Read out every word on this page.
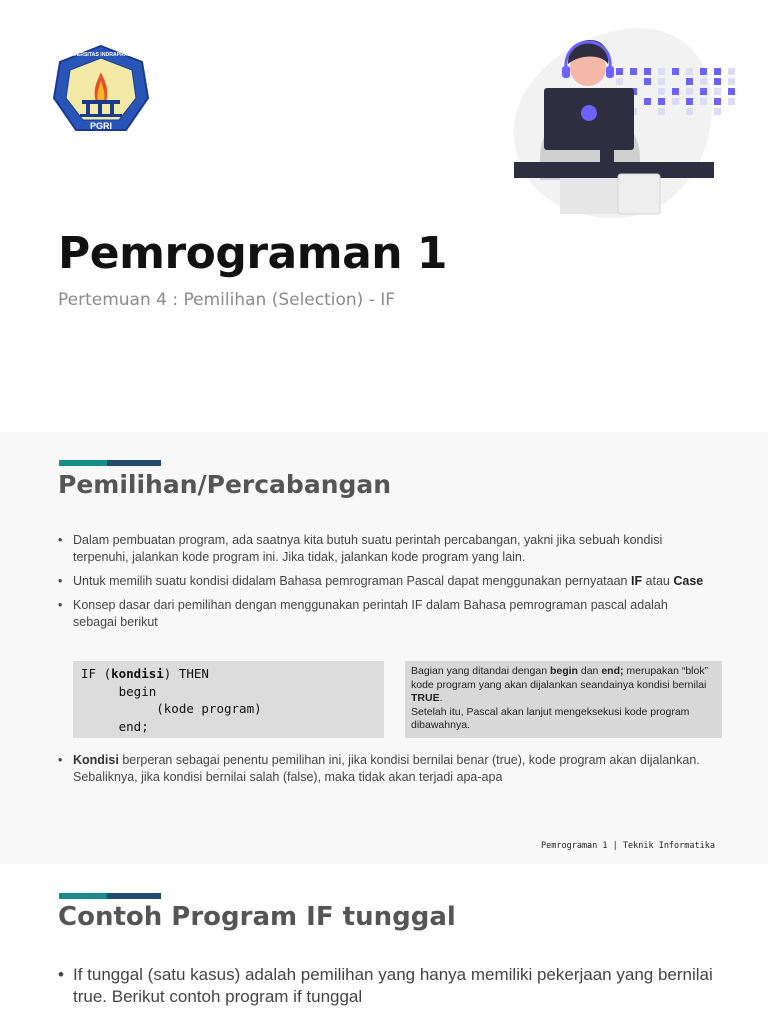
PGRI
UNIVERSITAS INDRAPRASTA
Pemrograman 1

Pertemuan 4 : Pemilihan (Selection) - IF

Pemilihan/Percabangan
• Dalam pembuatan program, ada saatnya kita butuh suatu perintah percabangan, yakni jika sebuah kondisi terpenuhi, jalankan kode program ini. Jika tidak, jalankan kode program yang lain.
• Untuk memilih suatu kondisi didalam Bahasa pemrograman Pascal dapat menggunakan pernyataan IF atau Case
• Konsep dasar dari pemilihan dengan menggunakan perintah IF dalam Bahasa pemrograman pascal adalah sebagai berikut
IF (kondisi) THEN
begin
(kode program)
end;
Bagian yang ditandai dengan begin dan end; merupakan “blok” kode program yang akan dijalankan seandainya kondisi bernilai TRUE.
Setelah itu, Pascal akan lanjut mengeksekusi kode program dibawahnya.
• Kondisi berperan sebagai penentu pemilihan ini, jika kondisi bernilai benar (true), kode program akan dijalankan. Sebaliknya, jika kondisi bernilai salah (false), maka tidak akan terjadi apa-apa
Pemrograman 1 | Teknik Informatika
Contoh Program IF tunggal
• If tunggal (satu kasus) adalah pemilihan yang hanya memiliki pekerjaan yang bernilai true. Berikut contoh program if tunggal
